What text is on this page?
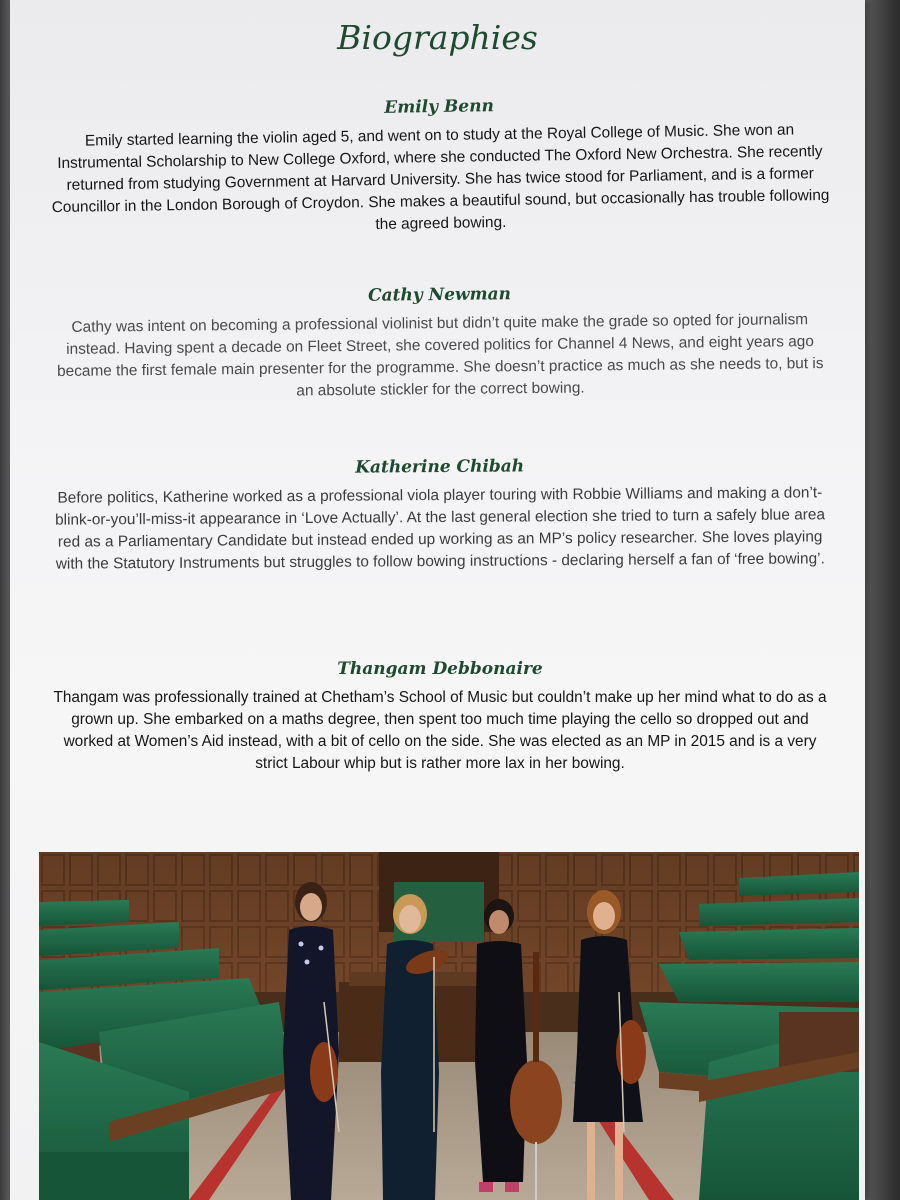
Biographies
Emily Benn

Emily started learning the violin aged 5, and went on to study at the Royal College of Music. She won an Instrumental Scholarship to New College Oxford, where she conducted The Oxford New Orchestra. She recently returned from studying Government at Harvard University. She has twice stood for Parliament, and is a former Councillor in the London Borough of Croydon. She makes a beautiful sound, but occasionally has trouble following the agreed bowing.

Cathy Newman

Cathy was intent on becoming a professional violinist but didn’t quite make the grade so opted for journalism instead. Having spent a decade on Fleet Street, she covered politics for Channel 4 News, and eight years ago became the first female main presenter for the programme. She doesn’t practice as much as she needs to, but is an absolute stickler for the correct bowing.

Katherine Chibah

Before politics, Katherine worked as a professional viola player touring with Robbie Williams and making a don’t-blink-or-you’ll-miss-it appearance in ‘Love Actually’. At the last general election she tried to turn a safely blue area red as a Parliamentary Candidate but instead ended up working as an MP’s policy researcher. She loves playing with the Statutory Instruments but struggles to follow bowing instructions - declaring herself a fan of ‘free bowing’.

Thangam Debbonaire

Thangam was professionally trained at Chetham’s School of Music but couldn’t make up her mind what to do as a grown up. She embarked on a maths degree, then spent too much time playing the cello so dropped out and worked at Women’s Aid instead, with a bit of cello on the side. She was elected as an MP in 2015 and is a very strict Labour whip but is rather more lax in her bowing.
